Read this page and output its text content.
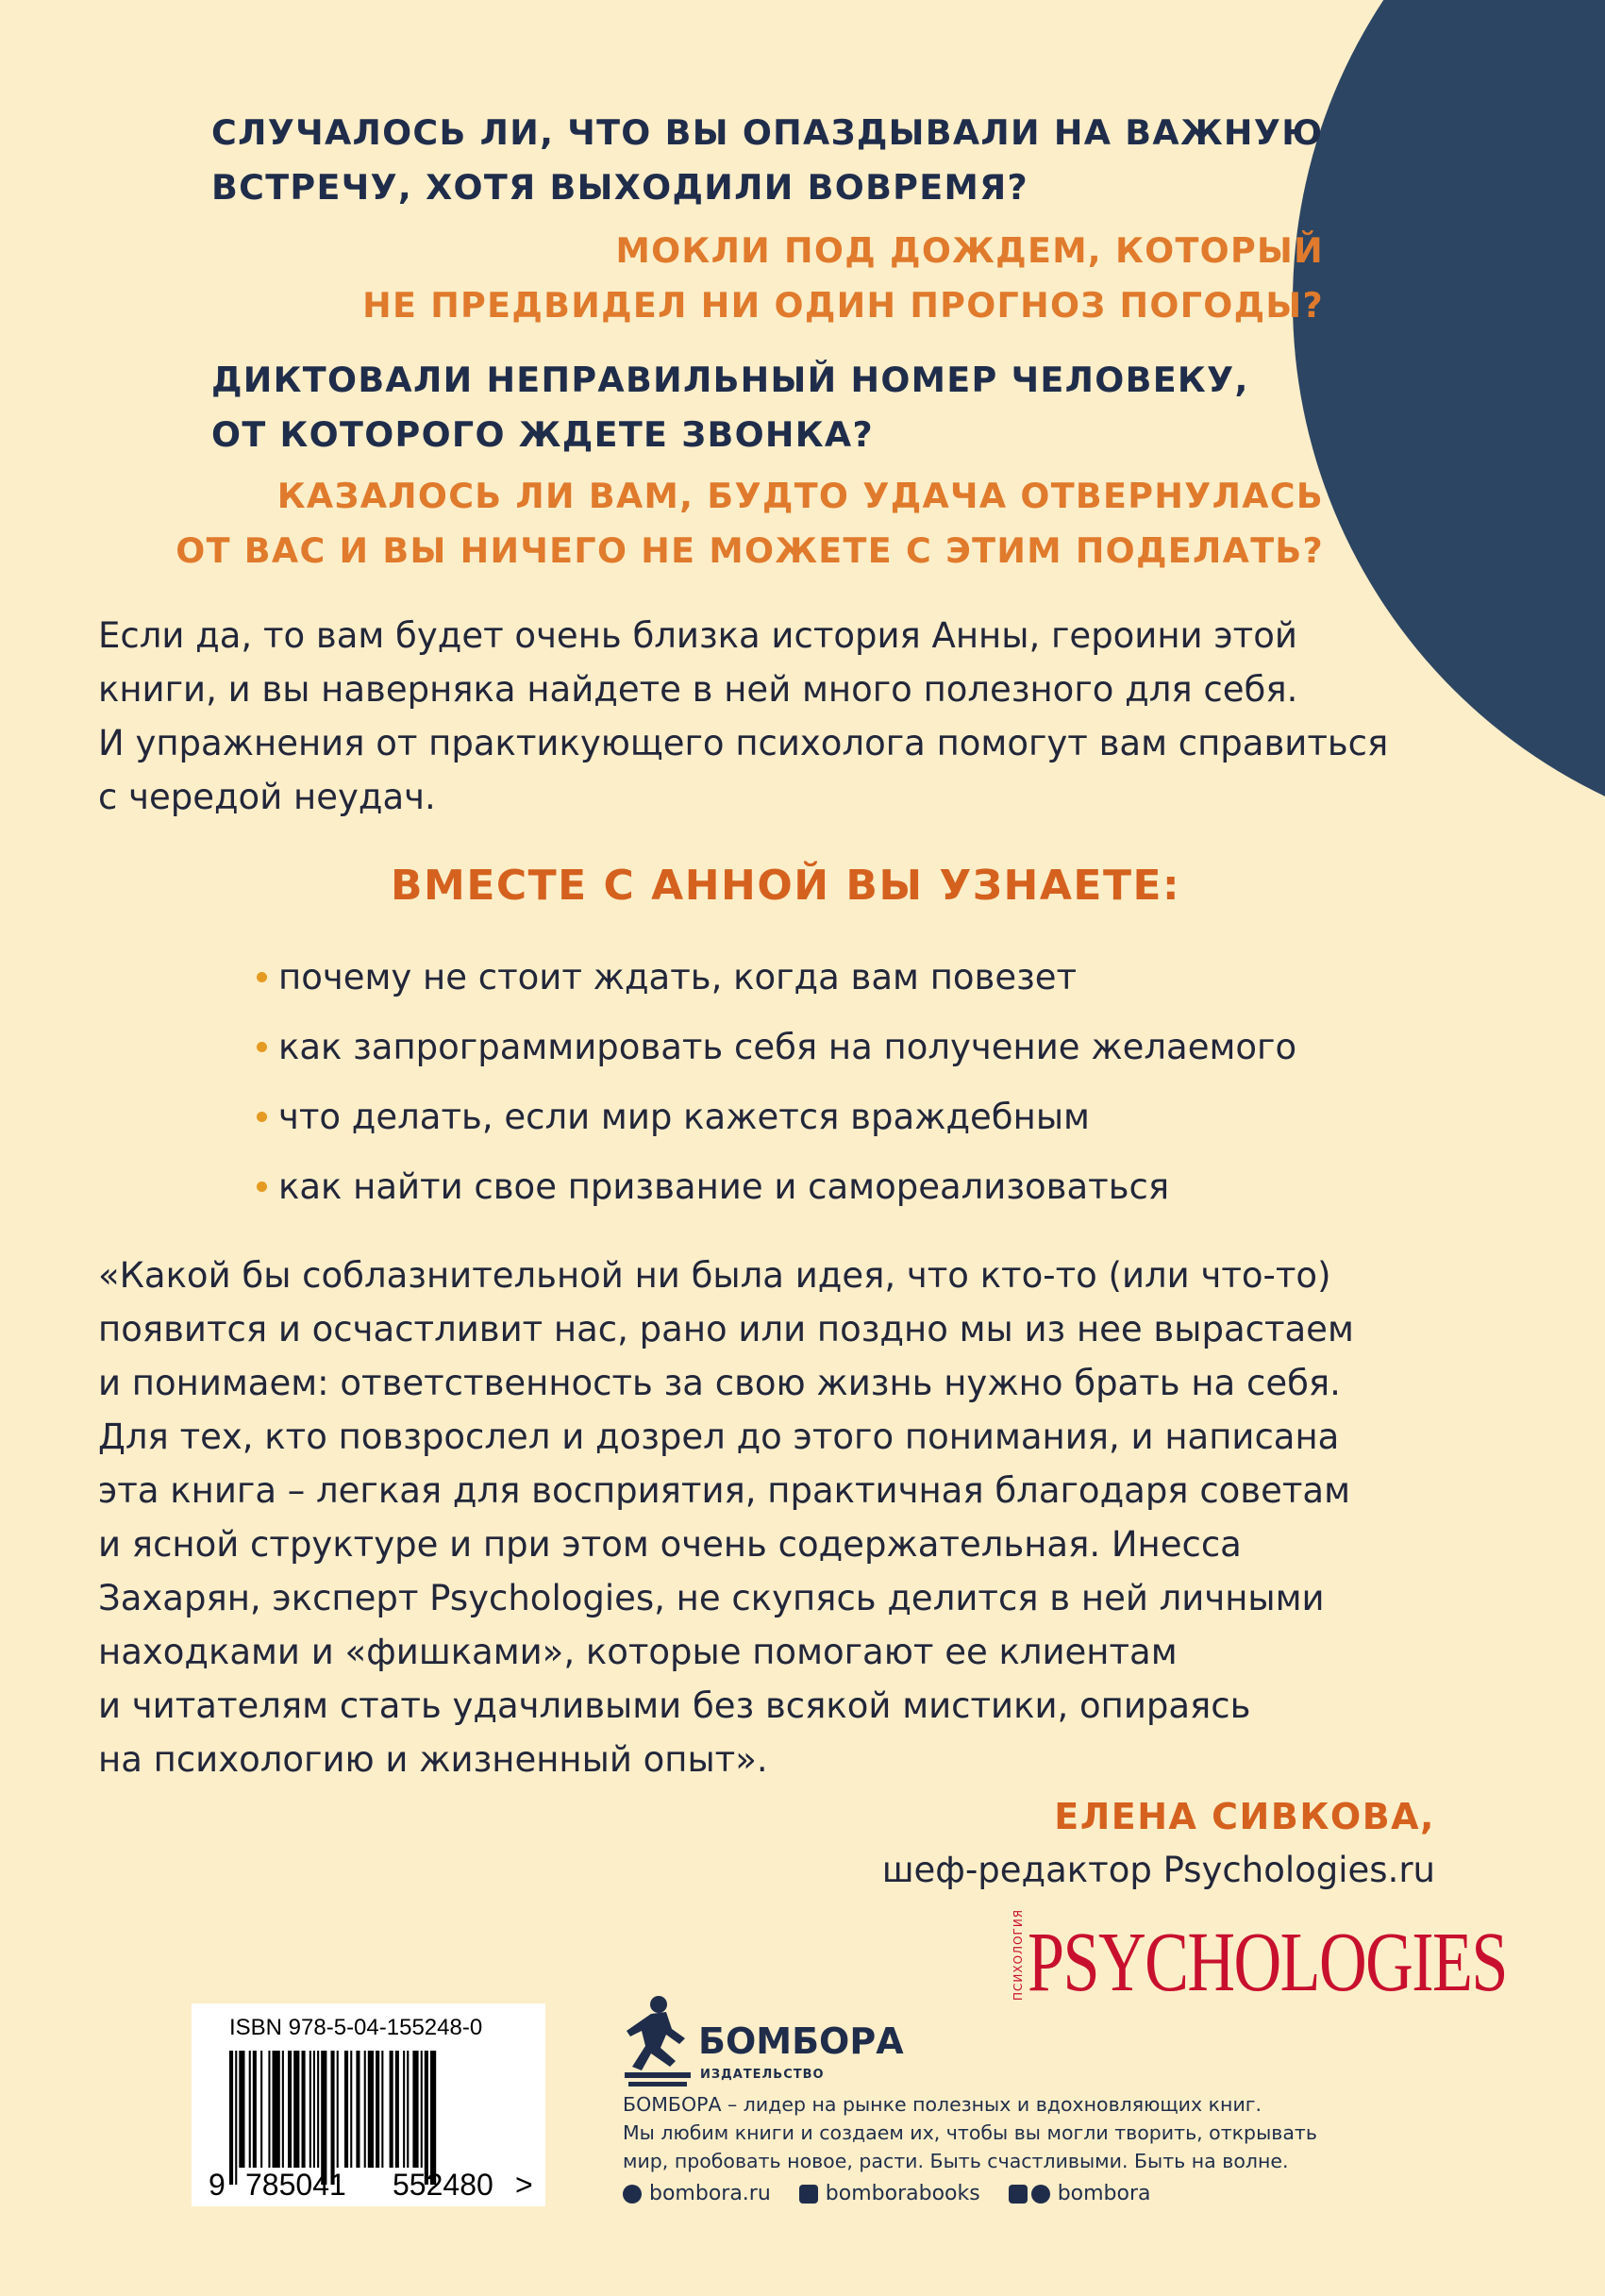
СЛУЧАЛОСЬ ЛИ, ЧТО ВЫ ОПАЗДЫВАЛИ НА ВАЖНУЮ
ВСТРЕЧУ, ХОТЯ ВЫХОДИЛИ ВОВРЕМЯ?
МОКЛИ ПОД ДОЖДЕМ, КОТОРЫЙ
НЕ ПРЕДВИДЕЛ НИ ОДИН ПРОГНОЗ ПОГОДЫ?
ДИКТОВАЛИ НЕПРАВИЛЬНЫЙ НОМЕР ЧЕЛОВЕКУ,
ОТ КОТОРОГО ЖДЕТЕ ЗВОНКА?
КАЗАЛОСЬ ЛИ ВАМ, БУДТО УДАЧА ОТВЕРНУЛАСЬ
ОТ ВАС И ВЫ НИЧЕГО НЕ МОЖЕТЕ С ЭТИМ ПОДЕЛАТЬ?
Если да, то вам будет очень близка история Анны, героини этой
книги, и вы наверняка найдете в ней много полезного для себя.
И упражнения от практикующего психолога помогут вам справиться
с чередой неудач.
ВМЕСТЕ С АННОЙ ВЫ УЗНАЕТЕ:
почему не стоит ждать, когда вам повезет
как запрограммировать себя на получение желаемого
что делать, если мир кажется враждебным
как найти свое призвание и самореализоваться
«Какой бы соблазнительной ни была идея, что кто-то (или что-то)
появится и осчастливит нас, рано или поздно мы из нее вырастаем
и понимаем: ответственность за свою жизнь нужно брать на себя.
Для тех, кто повзрослел и дозрел до этого понимания, и написана
эта книга – легкая для восприятия, практичная благодаря советам
и ясной структуре и при этом очень содержательная. Инесса
Захарян, эксперт Psychologies, не скупясь делится в ней личными
находками и «фишками», которые помогают ее клиентам
и читателям стать удачливыми без всякой мистики, опираясь
на психологию и жизненный опыт».
ЕЛЕНА СИВКОВА,
шеф-редактор Psychologies.ru
ПСИХОЛОГИЯ PSYCHOLOGIES
ISBN 978-5-04-155248-0
9 785041 552480 >
БОМБОРА
ИЗДАТЕЛЬСТВО
БОМБОРА – лидер на рынке полезных и вдохновляющих книг.
Мы любим книги и создаем их, чтобы вы могли творить, открывать
мир, пробовать новое, расти. Быть счастливыми. Быть на волне.
bombora.ru	bomborabooks	bombora
